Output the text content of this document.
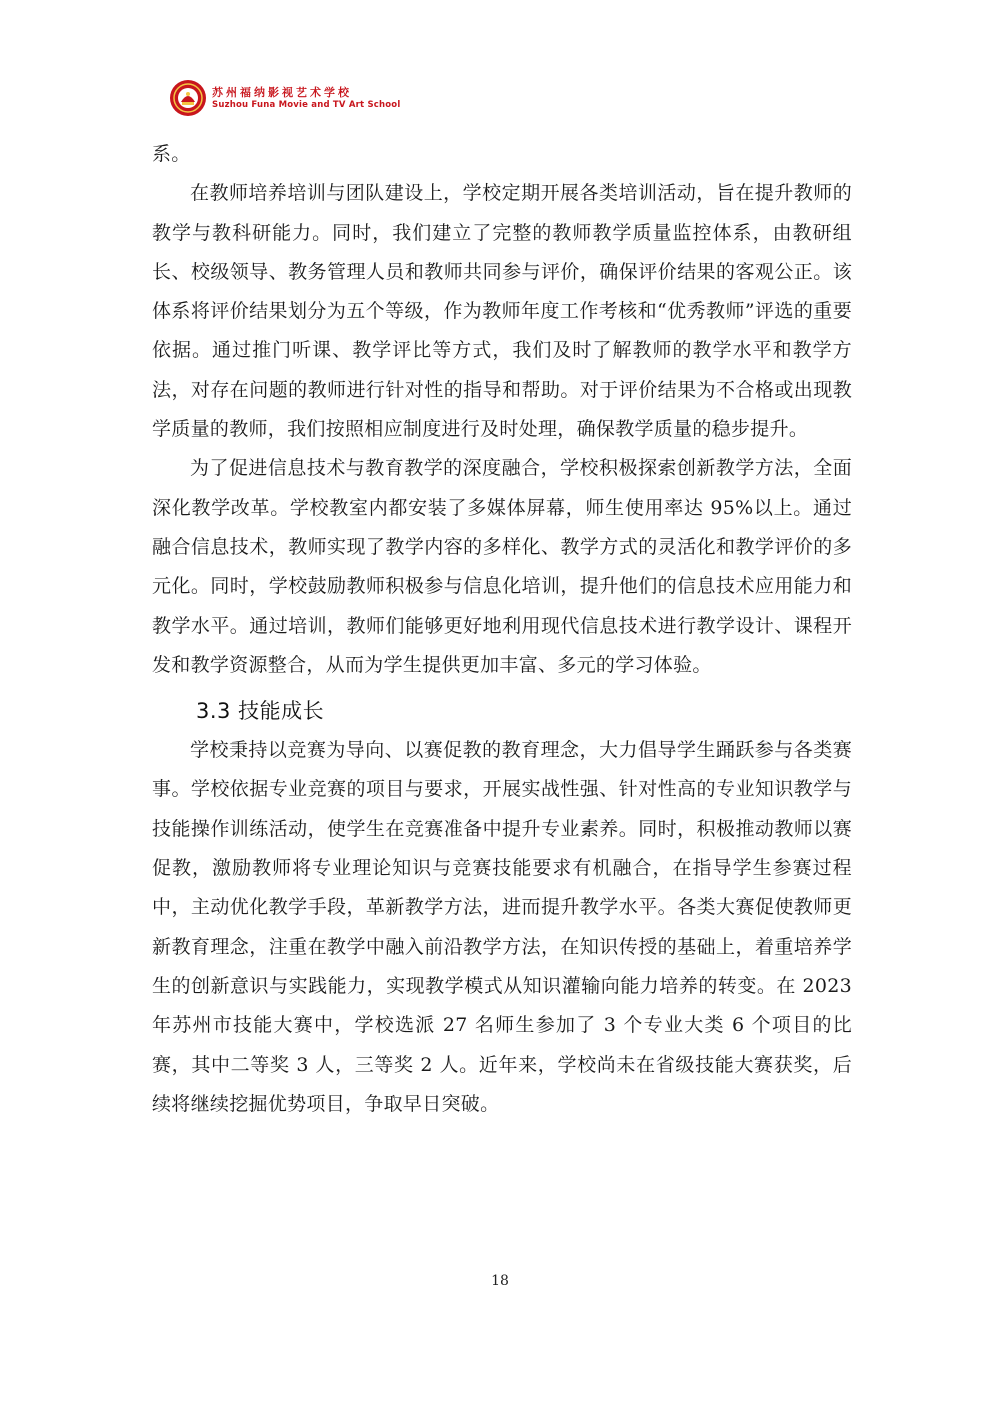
苏州福纳影视艺术学校
Suzhou Funa Movie and TV Art School

系。

在教师培养培训与团队建设上，学校定期开展各类培训活动，旨在提升教师的教学与教科研能力。同时，我们建立了完整的教师教学质量监控体系，由教研组长、校级领导、教务管理人员和教师共同参与评价，确保评价结果的客观公正。该体系将评价结果划分为五个等级，作为教师年度工作考核和“优秀教师”评选的重要依据。通过推门听课、教学评比等方式，我们及时了解教师的教学水平和教学方法，对存在问题的教师进行针对性的指导和帮助。对于评价结果为不合格或出现教学质量的教师，我们按照相应制度进行及时处理，确保教学质量的稳步提升。

为了促进信息技术与教育教学的深度融合，学校积极探索创新教学方法，全面深化教学改革。学校教室内都安装了多媒体屏幕，师生使用率达 95%以上。通过融合信息技术，教师实现了教学内容的多样化、教学方式的灵活化和教学评价的多元化。同时，学校鼓励教师积极参与信息化培训，提升他们的信息技术应用能力和教学水平。通过培训，教师们能够更好地利用现代信息技术进行教学设计、课程开发和教学资源整合，从而为学生提供更加丰富、多元的学习体验。

3.3 技能成长

学校秉持以竞赛为导向、以赛促教的教育理念，大力倡导学生踊跃参与各类赛事。学校依据专业竞赛的项目与要求，开展实战性强、针对性高的专业知识教学与技能操作训练活动，使学生在竞赛准备中提升专业素养。同时，积极推动教师以赛促教，激励教师将专业理论知识与竞赛技能要求有机融合，在指导学生参赛过程中，主动优化教学手段，革新教学方法，进而提升教学水平。各类大赛促使教师更新教育理念，注重在教学中融入前沿教学方法，在知识传授的基础上，着重培养学生的创新意识与实践能力，实现教学模式从知识灌输向能力培养的转变。在 2023 年苏州市技能大赛中，学校选派 27 名师生参加了 3 个专业大类 6 个项目的比赛，其中二等奖 3 人，三等奖 2 人。近年来，学校尚未在省级技能大赛获奖，后续将继续挖掘优势项目，争取早日突破。

18
